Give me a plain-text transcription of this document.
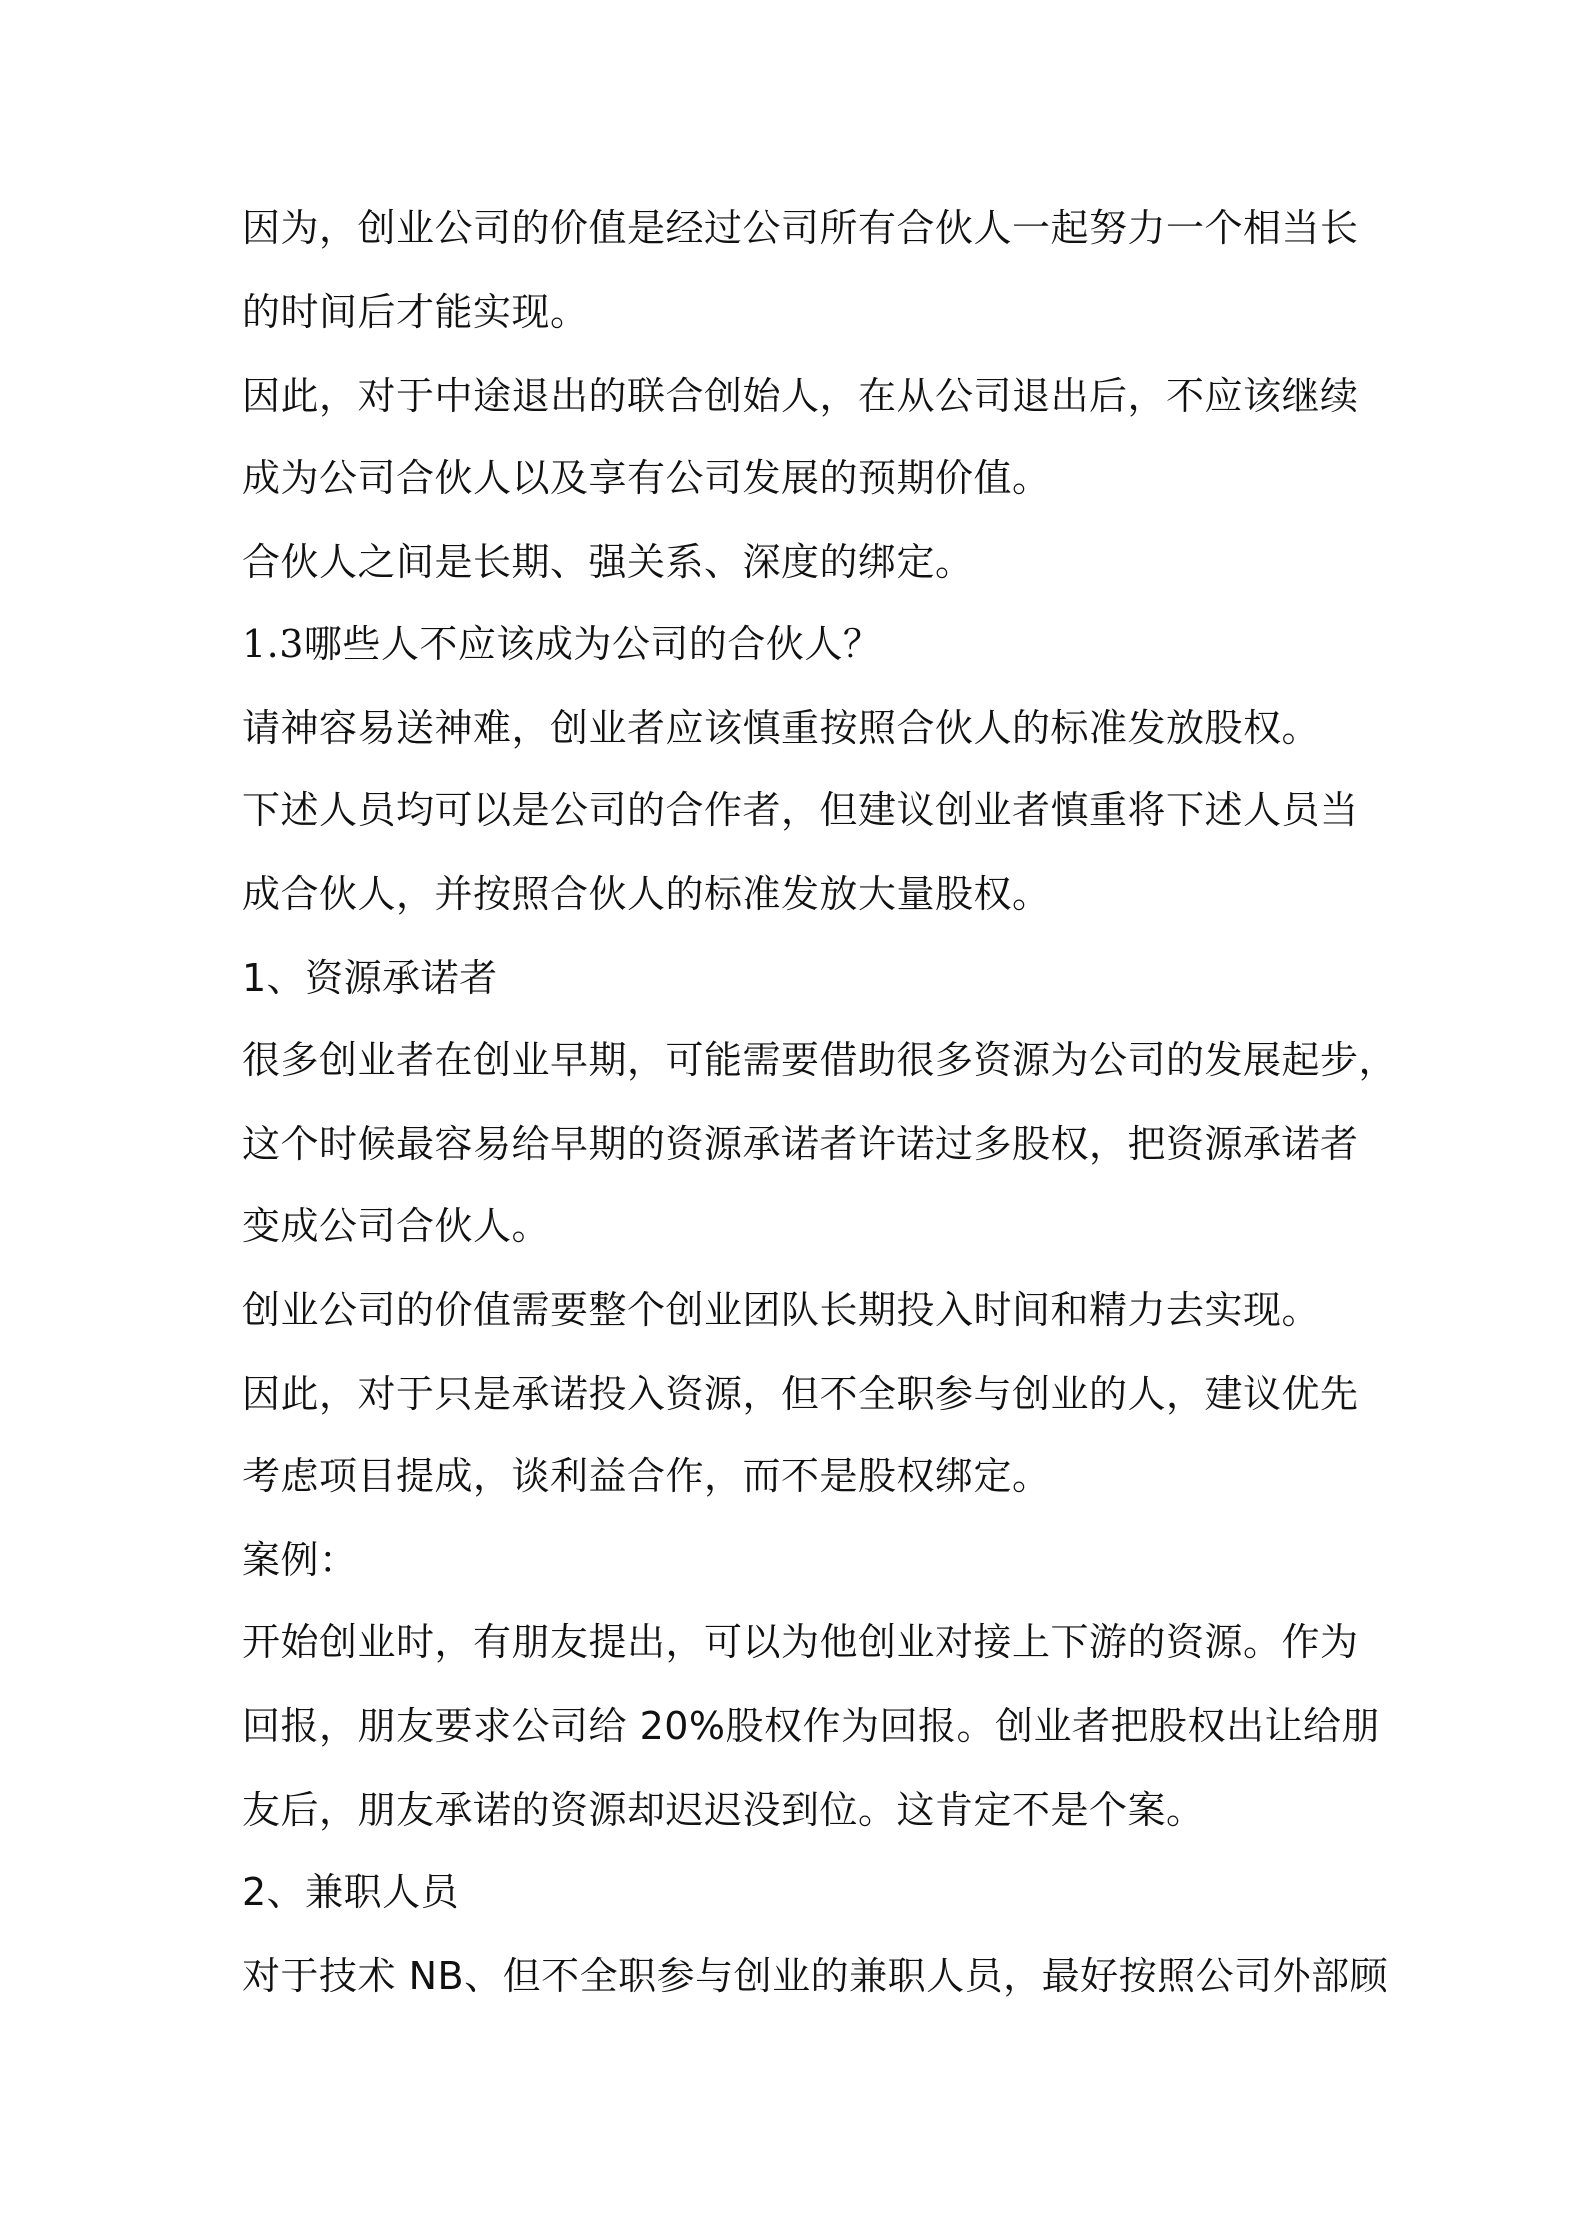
因为，创业公司的价值是经过公司所有合伙人一起努力一个相当长
的时间后才能实现。
因此，对于中途退出的联合创始人，在从公司退出后，不应该继续
成为公司合伙人以及享有公司发展的预期价值。
合伙人之间是长期、强关系、深度的绑定。
1.3哪些人不应该成为公司的合伙人？
请神容易送神难，创业者应该慎重按照合伙人的标准发放股权。
下述人员均可以是公司的合作者，但建议创业者慎重将下述人员当
成合伙人，并按照合伙人的标准发放大量股权。
1、资源承诺者
很多创业者在创业早期，可能需要借助很多资源为公司的发展起步，
这个时候最容易给早期的资源承诺者许诺过多股权，把资源承诺者
变成公司合伙人。
创业公司的价值需要整个创业团队长期投入时间和精力去实现。
因此，对于只是承诺投入资源，但不全职参与创业的人，建议优先
考虑项目提成，谈利益合作，而不是股权绑定。
案例：
开始创业时，有朋友提出，可以为他创业对接上下游的资源。作为
回报，朋友要求公司给 20%股权作为回报。创业者把股权出让给朋
友后，朋友承诺的资源却迟迟没到位。这肯定不是个案。
2、兼职人员
对于技术 NB、但不全职参与创业的兼职人员，最好按照公司外部顾
